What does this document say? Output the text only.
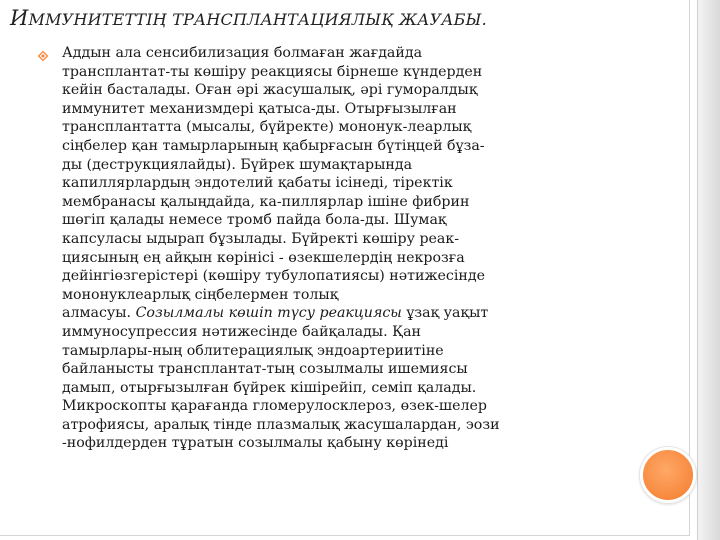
ИММУНИТЕТТІҢ ТРАНСПЛАНТАЦИЯЛЫҚ ЖАУАБЫ.
Аддын ала сенсибилизация болмаған жағдайда
трансплантат-ты көшіру реакциясы бірнеше күндерден
кейін басталады. Оған әрі жасушалық, әрі гуморалдық
иммунитет механизмдері қатыса-ды. Отырғызылған
трансплантатта (мысалы, бүйректе) мононук-леарлық
сіңбелер қан тамырларының қабырғасын бүтіңцей бұза-
ды (деструкциялайды). Бүйрек шумақтарында
капиллярлардың эндотелий қабаты ісінеді, тіректік
мембранасы қалыңдайда, ка-пиллярлар ішіне фибрин
шөгіп қалады немесе тромб пайда бола-ды. Шумақ
капсуласы ыдырап бұзылады. Бүйректі көшіру реак-
циясының ең айқын көрінісі - өзекшелердің некрозға
дейінгіөзгерістері (көшіру тубулопатиясы) нәтижесінде
мононуклеарлық сіңбелермен толық
алмасуы. Созылмалы көшіп түсу реакциясы ұзақ уақыт
иммуносупрессия нәтижесінде байқалады. Қан
тамырлары-ның облитерациялық эндоартериитіне
байланысты трансплантат-тың созылмалы ишемиясы
дамып, отырғызылған бүйрек кішірейіп, семіп қалады.
Микроскопты қарағанда гломерулосклероз, өзек-шелер
атрофиясы, аралық тінде плазмалық жасушалардан, эози
-нофилдерден тұратын созылмалы қабыну көрінеді
